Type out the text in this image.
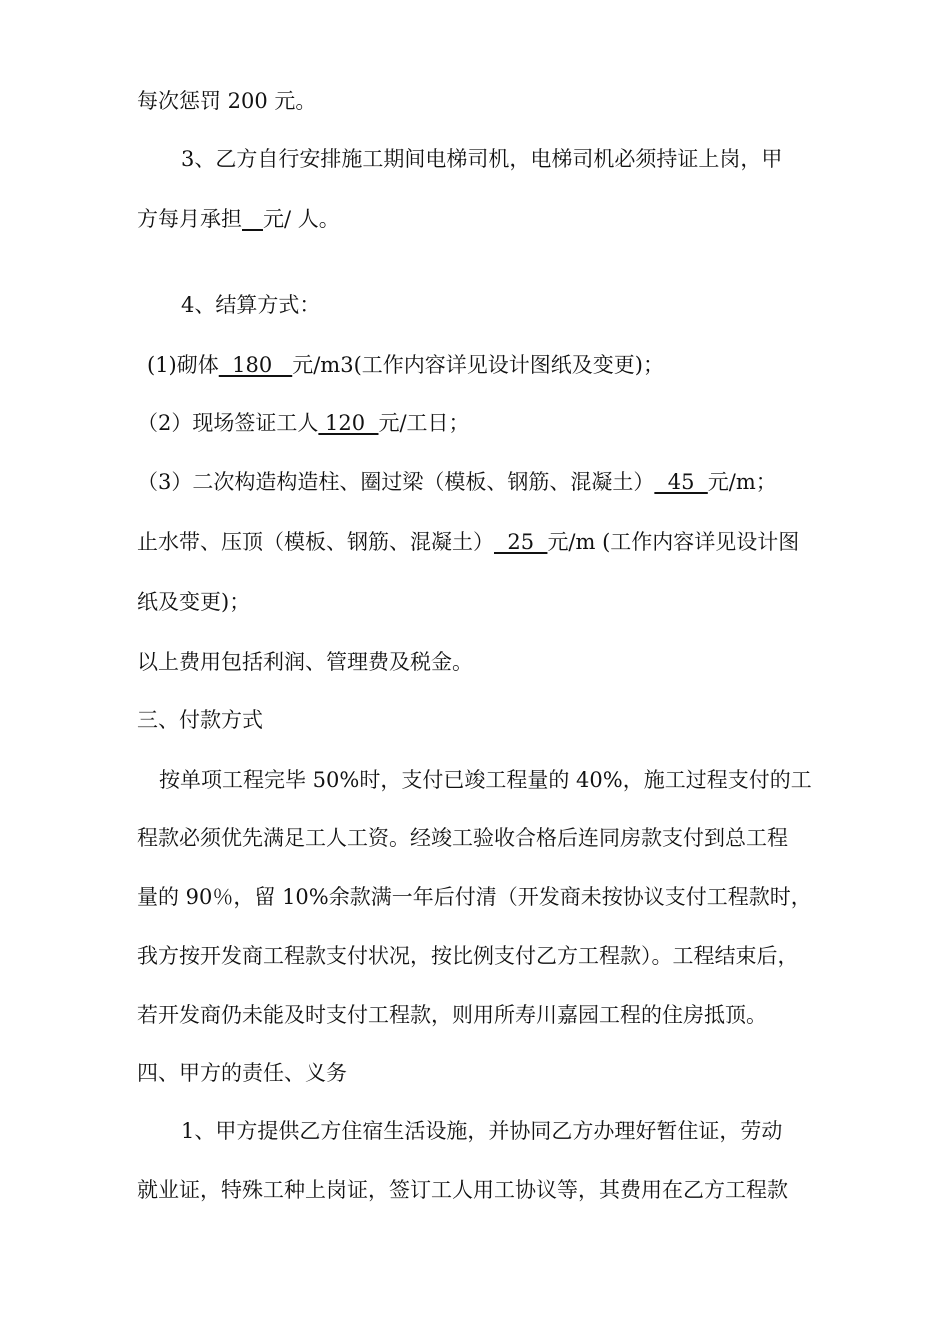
每次惩罚 200 元。
3、乙方自行安排施工期间电梯司机，电梯司机必须持证上岗，甲
方每月承担__元/ 人。
4、结算方式：
(1)砌体  180   元/m3(工作内容详见设计图纸及变更)；
（2）现场签证工人 120  元/工日；
（3）二次构造构造柱、圈过梁（模板、钢筋、混凝土）  45  元/m；
止水带、压顶（模板、钢筋、混凝土）  25  元/m (工作内容详见设计图
纸及变更)；
以上费用包括利润、管理费及税金。
三、付款方式
按单项工程完毕 50%时，支付已竣工程量的 40%，施工过程支付的工
程款必须优先满足工人工资。经竣工验收合格后连同房款支付到总工程
量的 90％，留 10%余款满一年后付清（开发商未按协议支付工程款时，
我方按开发商工程款支付状况，按比例支付乙方工程款）。工程结束后，
若开发商仍未能及时支付工程款，则用所寿川嘉园工程的住房抵顶。
四、甲方的责任、义务
1、甲方提供乙方住宿生活设施，并协同乙方办理好暂住证，劳动
就业证，特殊工种上岗证，签订工人用工协议等，其费用在乙方工程款
